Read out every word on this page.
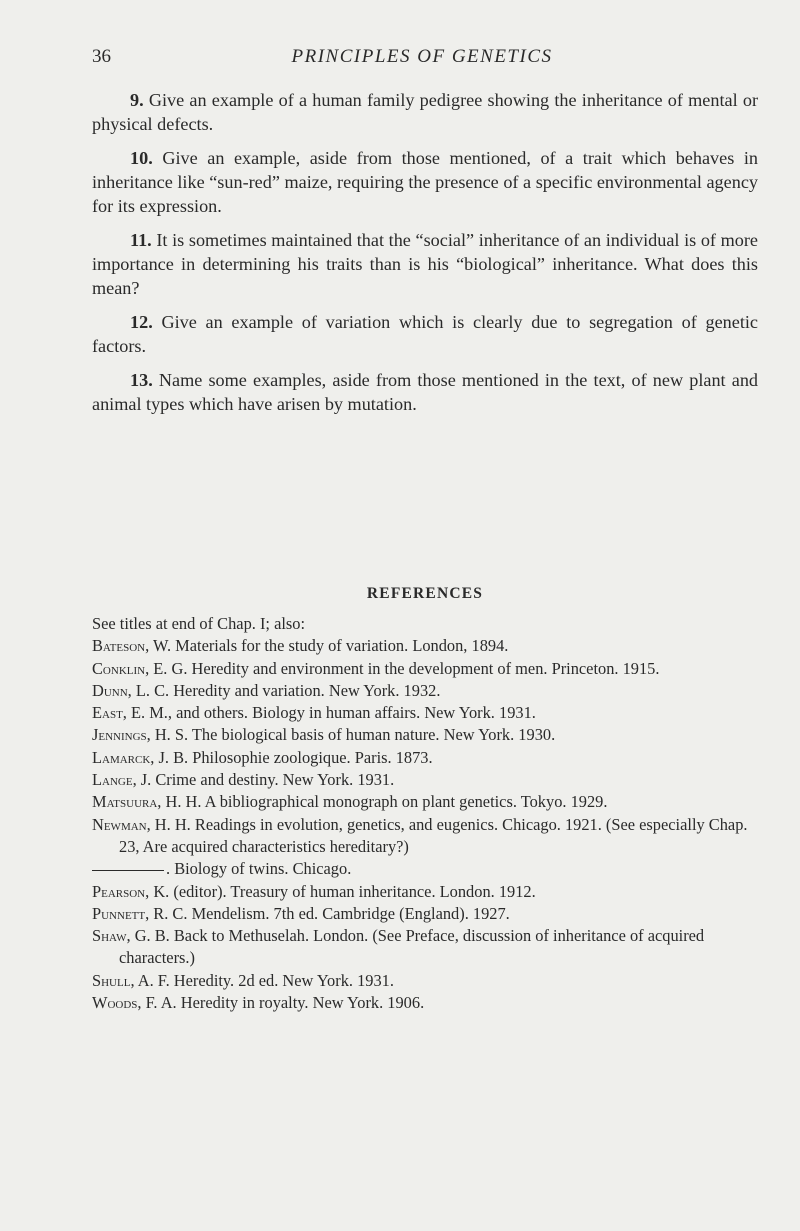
36	PRINCIPLES OF GENETICS

9. Give an example of a human family pedigree showing the inheritance of mental or physical defects.

10. Give an example, aside from those mentioned, of a trait which behaves in inheritance like “sun-red” maize, requiring the presence of a specific environmental agency for its expression.

11. It is sometimes maintained that the “social” inheritance of an individual is of more importance in determining his traits than is his “biological” inheritance. What does this mean?

12. Give an example of variation which is clearly due to segregation of genetic factors.

13. Name some examples, aside from those mentioned in the text, of new plant and animal types which have arisen by mutation.

REFERENCES

See titles at end of Chap. I; also:

Bateson, W. Materials for the study of variation. London, 1894.

Conklin, E. G. Heredity and environment in the development of men. Princeton. 1915.

Dunn, L. C. Heredity and variation. New York. 1932.

East, E. M., and others. Biology in human affairs. New York. 1931.

Jennings, H. S. The biological basis of human nature. New York. 1930.

Lamarck, J. B. Philosophie zoologique. Paris. 1873.

Lange, J. Crime and destiny. New York. 1931.

Matsuura, H. H. A bibliographical monograph on plant genetics. Tokyo. 1929.

Newman, H. H. Readings in evolution, genetics, and eugenics. Chicago. 1921. (See especially Chap. 23, Are acquired characteristics hereditary?)

. Biology of twins. Chicago.

Pearson, K. (editor). Treasury of human inheritance. London. 1912.

Punnett, R. C. Mendelism. 7th ed. Cambridge (England). 1927.

Shaw, G. B. Back to Methuselah. London. (See Preface, discussion of inheritance of acquired characters.)

Shull, A. F. Heredity. 2d ed. New York. 1931.

Woods, F. A. Heredity in royalty. New York. 1906.
